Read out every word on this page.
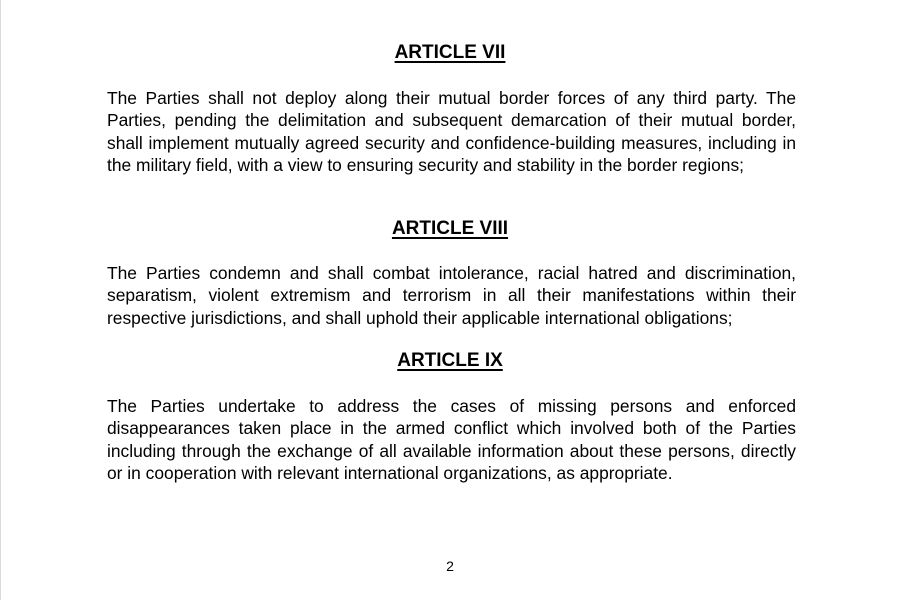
ARTICLE VII

The Parties shall not deploy along their mutual border forces of any third party. The Parties, pending the delimitation and subsequent demarcation of their mutual border, shall implement mutually agreed security and confidence-building measures, including in the military field, with a view to ensuring security and stability in the border regions;

ARTICLE VIII

The Parties condemn and shall combat intolerance, racial hatred and discrimination, separatism, violent extremism and terrorism in all their manifestations within their respective jurisdictions, and shall uphold their applicable international obligations;

ARTICLE IX

The Parties undertake to address the cases of missing persons and enforced disappearances taken place in the armed conflict which involved both of the Parties including through the exchange of all available information about these persons, directly or in cooperation with relevant international organizations, as appropriate.

2
